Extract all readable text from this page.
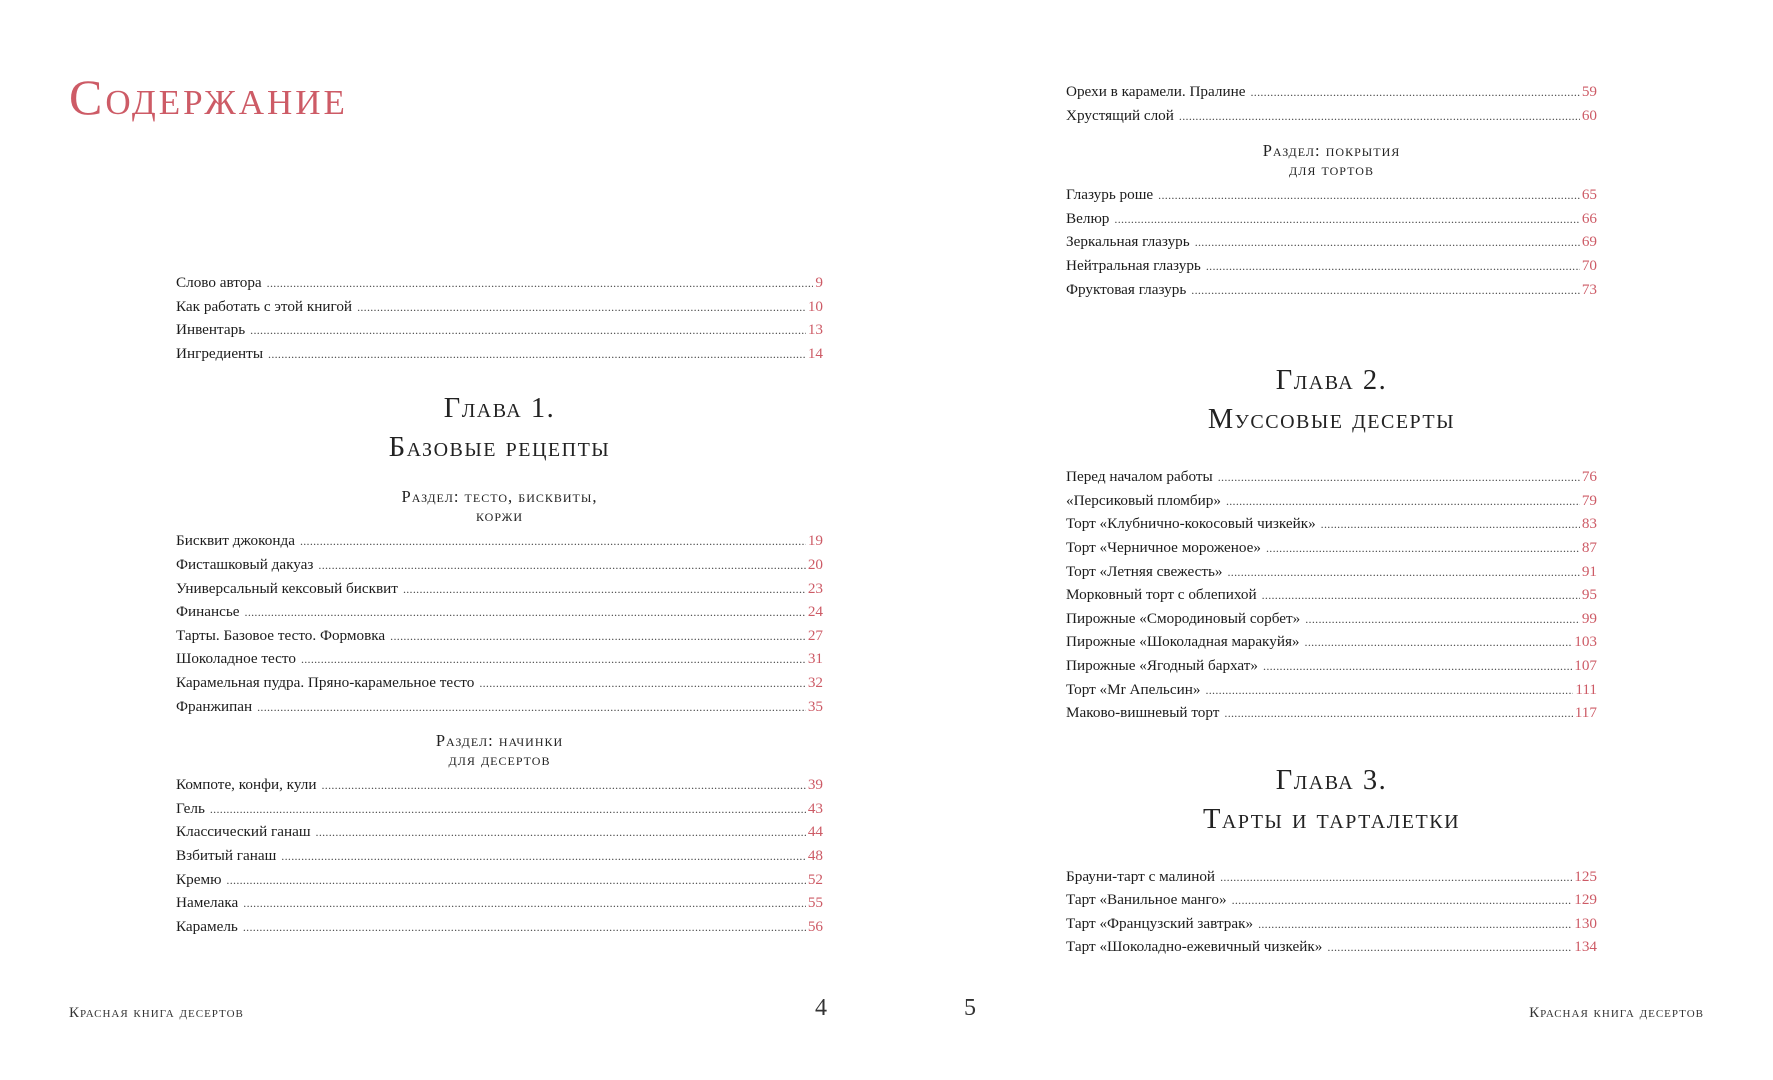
Содержание
Слово автора .....	9
Как работать с этой книгой .....	10
Инвентарь .....	13
Ингредиенты .....	14
Глава 1.
Базовые рецепты
Раздел: тесто, бисквиты,
коржи
Бисквит джоконда .....	19
Фисташковый дакуаз .....	20
Универсальный кексовый бисквит .....	23
Финансье .....	24
Тарты. Базовое тесто. Формовка .....	27
Шоколадное тесто .....	31
Карамельная пудра. Пряно-карамельное тесто .....	32
Франжипан .....	35
Раздел: начинки
для десертов
Компоте, конфи, кули .....	39
Гель .....	43
Классический ганаш .....	44
Взбитый ганаш .....	48
Кремю .....	52
Намелака .....	55
Карамель .....	56
Красная книга десертов	4
Орехи в карамели. Пралине .....	59
Хрустящий слой .....	60
Раздел: покрытия
для тортов
Глазурь роше .....	65
Велюр .....	66
Зеркальная глазурь .....	69
Нейтральная глазурь .....	70
Фруктовая глазурь .....	73
Глава 2.
Муссовые десерты
Перед началом работы .....	76
«Персиковый пломбир» .....	79
Торт «Клубнично-кокосовый чизкейк» .....	83
Торт «Черничное мороженое» .....	87
Торт «Летняя свежесть» .....	91
Морковный торт с облепихой .....	95
Пирожные «Смородиновый сорбет» .....	99
Пирожные «Шоколадная маракуйя» .....	103
Пирожные «Ягодный бархат» .....	107
Торт «Mr Апельсин» .....	111
Маково-вишневый торт .....	117
Глава 3.
Тарты и тарталетки
Брауни-тарт с малиной .....	125
Тарт «Ванильное манго» .....	129
Тарт «Французский завтрак» .....	130
Тарт «Шоколадно-ежевичный чизкейк» .....	134
5	Красная книга десертов
